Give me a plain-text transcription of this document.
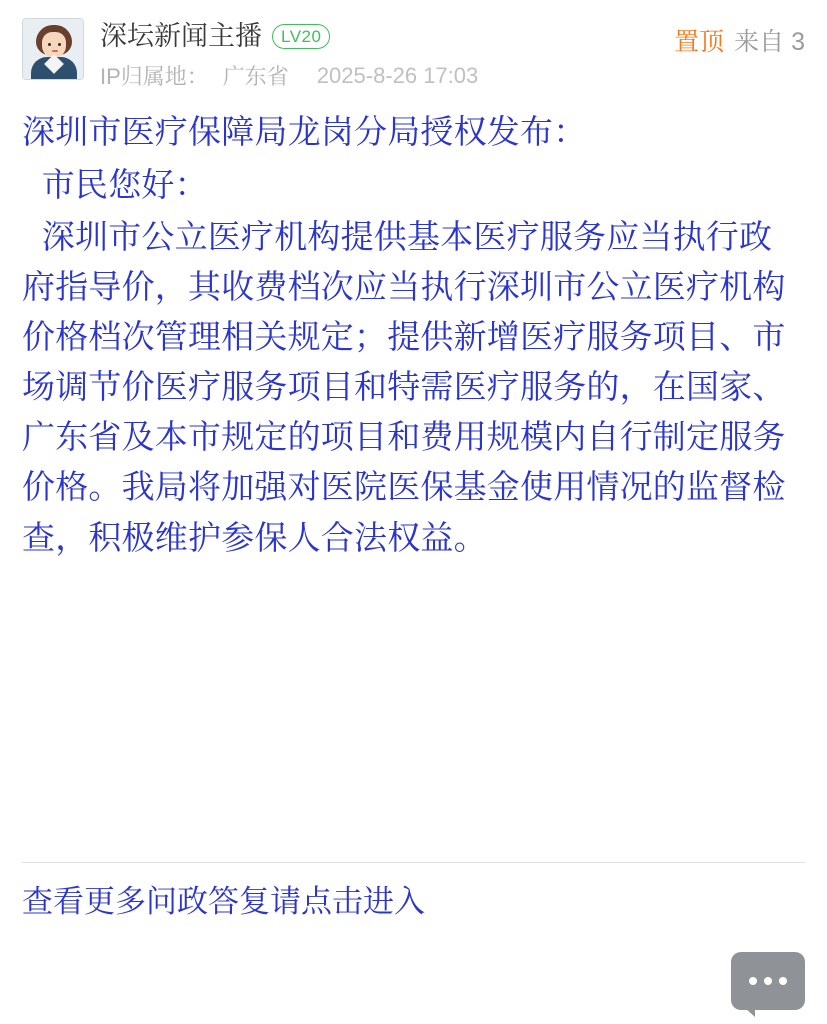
深坛新闻主播	LV20
IP归属地： 广东省 2025-8-26 17:03
置顶 来自 3

深圳市医疗保障局龙岗分局授权发布：

市民您好：

深圳市公立医疗机构提供基本医疗服务应当执行政府指导价，其收费档次应当执行深圳市公立医疗机构价格档次管理相关规定；提供新增医疗服务项目、市场调节价医疗服务项目和特需医疗服务的，在国家、广东省及本市规定的项目和费用规模内自行制定服务价格。我局将加强对医院医保基金使用情况的监督检查，积极维护参保人合法权益。

查看更多问政答复请点击进入
